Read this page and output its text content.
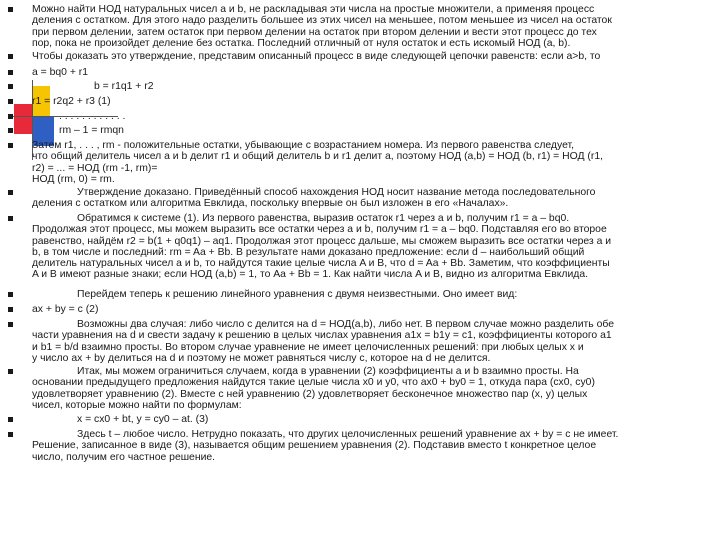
Можно найти НОД натуральных чисел a и b, не раскладывая эти числа на простые множители, а применяя процесс
деления с остатком. Для этого надо разделить большее из этих чисел на меньшее, потом меньшее из чисел на остаток
при первом делении, затем остаток при первом делении на остаток при втором делении и вести этот процесс до тех
пор, пока не произойдет деление без остатка. Последний отличный от нуля остаток и есть искомый НОД (a, b).
Чтобы доказать это утверждение, представим описанный процесс в виде следующей цепочки равенств: если a>b, то
a = bq0 + r1
b = r1q1 + r2
r1 = r2q2 + r3 (1)
. . . . . . . . . . . .
rm – 1 = rmqn
Затем r1, . . . , rm - положительные остатки, убывающие с возрастанием номера. Из первого равенства следует,
что общий делитель чисел a и b делит r1 и общий делитель b и r1 делит a, поэтому НОД (a,b) = НОД (b, r1) = НОД (r1,
r2) = ... = НОД (rm -1, rm)=
НОД (rm, 0) = rm.
Утверждение доказано. Приведённый способ нахождения НОД носит название метода последовательного
деления с остатком или алгоритма Евклида, поскольку впервые он был изложен в его «Началах».
Обратимся к системе (1). Из первого равенства, выразив остаток r1 через a и b, получим r1 = a – bq0.
Продолжая этот процесс, мы можем выразить все остатки через a и b, получим r1 = a – bq0. Подставляя его во второе
равенство, найдём r2 = b(1 + q0q1) – aq1. Продолжая этот процесс дальше, мы сможем выразить все остатки через a и
b, в том числе и последний: rm = Aa + Bb. В результате нами доказано предложение: если d – наибольший общий
делитель натуральных чисел a и b, то найдутся такие целые числа A и B, что d = Aa + Bb. Заметим, что коэффициенты
A и B имеют разные знаки; если НОД (a,b) = 1, то Aa + Bb = 1. Как найти числа A и B, видно из алгоритма Евклида.
Перейдем теперь к решению линейного уравнения с двумя неизвестными. Оно имеет вид:
ax + by = c (2)
Возможны два случая: либо число c делится на d = НОД(a,b), либо нет. В первом случае можно разделить обе
части уравнения на d и свести задачу к решению в целых числах уравнения a1x = b1y = c1, коэффициенты которого a1
и b1 = b/d взаимно просты. Во втором случае уравнение не имеет целочисленных решений: при любых целых x и
y число ax + by делиться на d и поэтому не может равняться числу c, которое на d не делится.
Итак, мы можем ограничиться случаем, когда в уравнении (2) коэффициенты a и b взаимно просты. На
основании предыдущего предложения найдутся такие целые числа x0 и y0, что ax0 + by0 = 1, откуда пара (cx0, cy0)
удовлетворяет уравнению (2). Вместе с ней уравнению (2) удовлетворяет бесконечное множество пар (x, y) целых
чисел, которые можно найти по формулам:
x = cx0 + bt, y = cy0 – at. (3)
Здесь t – любое число. Нетрудно показать, что других целочисленных решений уравнение ax + by = c не имеет.
Решение, записанное в виде (3), называется общим решением уравнения (2). Подставив вместо t конкретное целое
число, получим его частное решение.
